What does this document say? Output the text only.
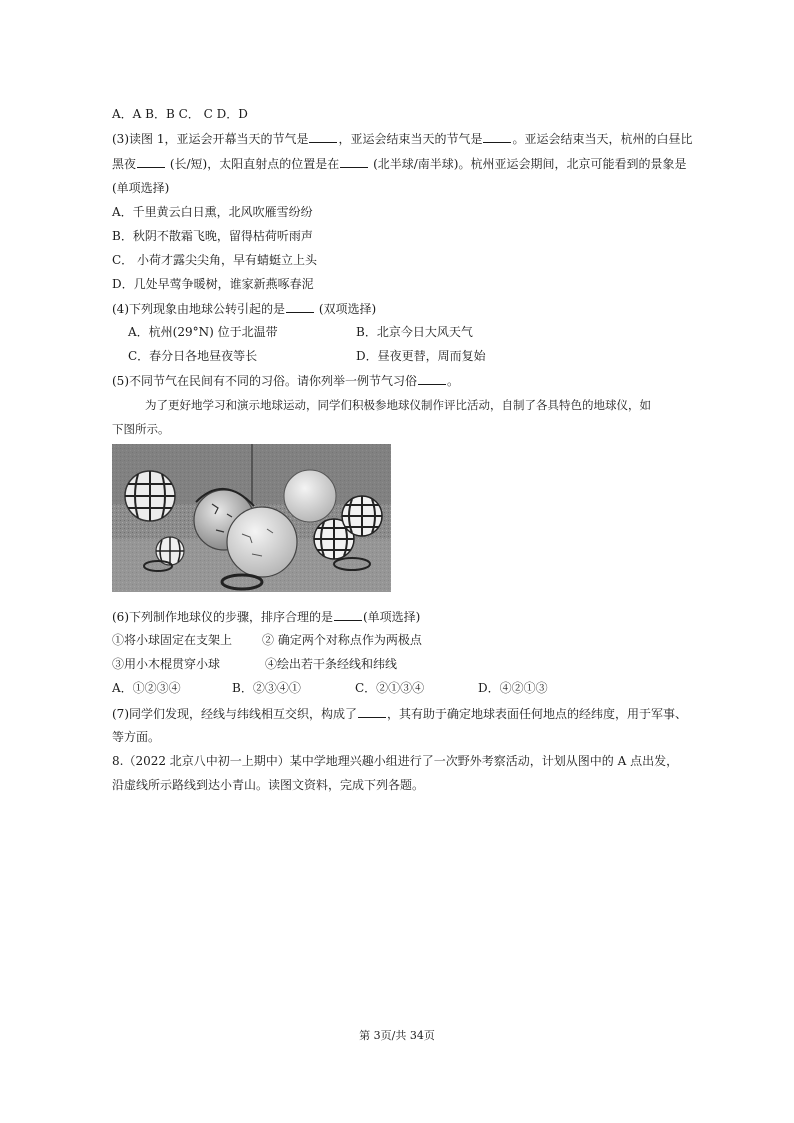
A．A B．B C． C D．D
(3)读图 1，亚运会开幕当天的节气是	，亚运会结束当天的节气是	。亚运会结束当天，杭州的白昼比
黑夜	(长/短)，太阳直射点的位置是在	(北半球/南半球)。杭州亚运会期间，北京可能看到的景象是
(单项选择)
A．千里黄云白日熏，北风吹雁雪纷纷
B．秋阴不散霜飞晚，留得枯荷听雨声
C． 小荷才露尖尖角，早有蜻蜓立上头
D．几处早莺争暖树，谁家新燕啄春泥
(4)下列现象由地球公转引起的是	(双项选择)
A．杭州(29°N) 位于北温带	B．北京今日大风天气
C．春分日各地昼夜等长	D．昼夜更替，周而复始
(5)不同节气在民间有不同的习俗。请你列举一例节气习俗	。
为了更好地学习和演示地球运动，同学们积极参地球仪制作评比活动，自制了各具特色的地球仪，如
下图所示。
(6)下列制作地球仪的步骤，排序合理的是	(单项选择)
①将小球固定在支架上 ② 确定两个对称点作为两极点
③用小木棍贯穿小球	④绘出若干条经线和纬线
A．①②③④	B．②③④①	C．②①③④	D．④②①③
(7)同学们发现，经线与纬线相互交织，构成了	，其有助于确定地球表面任何地点的经纬度，用于军事、
等方面。
8.（2022 北京八中初一上期中）某中学地理兴趣小组进行了一次野外考察活动，计划从图中的 A 点出发，
沿虚线所示路线到达小青山。读图文资料，完成下列各题。
第 3页/共 34页
